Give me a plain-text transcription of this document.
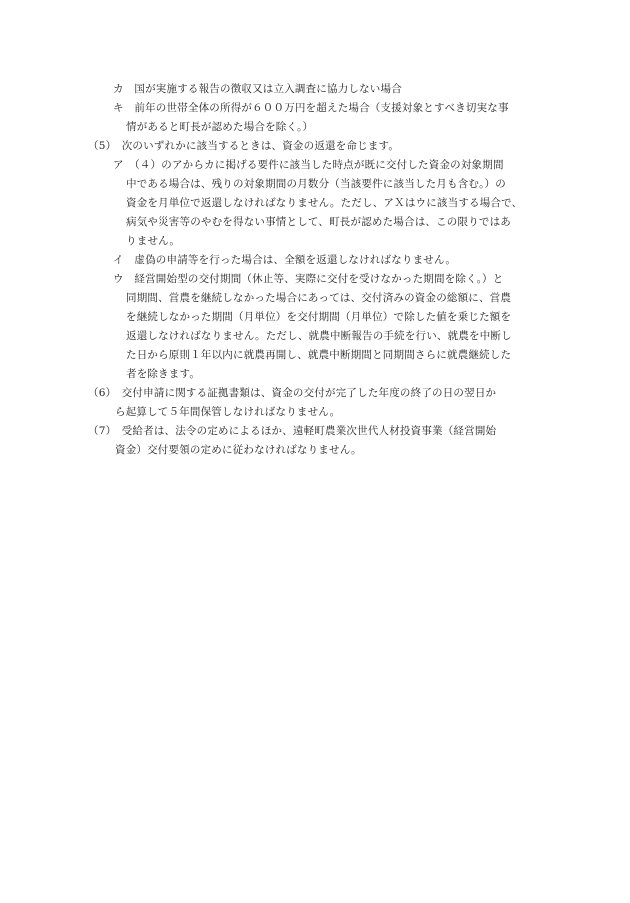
カ　国が実施する報告の徴収又は立入調査に協力しない場合
キ　前年の世帯全体の所得が６００万円を超えた場合（支援対象とすべき切実な事
情があると町長が認めた場合を除く。）
（5）　次のいずれかに該当するときは、資金の返還を命じます。
ア　（４）のアからカに掲げる要件に該当した時点が既に交付した資金の対象期間
中である場合は、残りの対象期間の月数分（当該要件に該当した月も含む。）の
資金を月単位で返還しなければなりません。ただし、アＸはウに該当する場合で、
病気や災害等のやむを得ない事情として、町長が認めた場合は、この限りではあ
りません。
イ　虚偽の申請等を行った場合は、全額を返還しなければなりません。
ウ　経営開始型の交付期間（休止等、実際に交付を受けなかった期間を除く。）と
同期間、営農を継続しなかった場合にあっては、交付済みの資金の総額に、営農
を継続しなかった期間（月単位）を交付期間（月単位）で除した値を乗じた額を
返還しなければなりません。ただし、就農中断報告の手続を行い、就農を中断し
た日から原則１年以内に就農再開し、就農中断期間と同期間さらに就農継続した
者を除きます。
（6）　交付申請に関する証拠書類は、資金の交付が完了した年度の終了の日の翌日か
ら起算して５年間保管しなければなりません。
（7）　受給者は、法令の定めによるほか、遠軽町農業次世代人材投資事業（経営開始
資金）交付要領の定めに従わなければなりません。
